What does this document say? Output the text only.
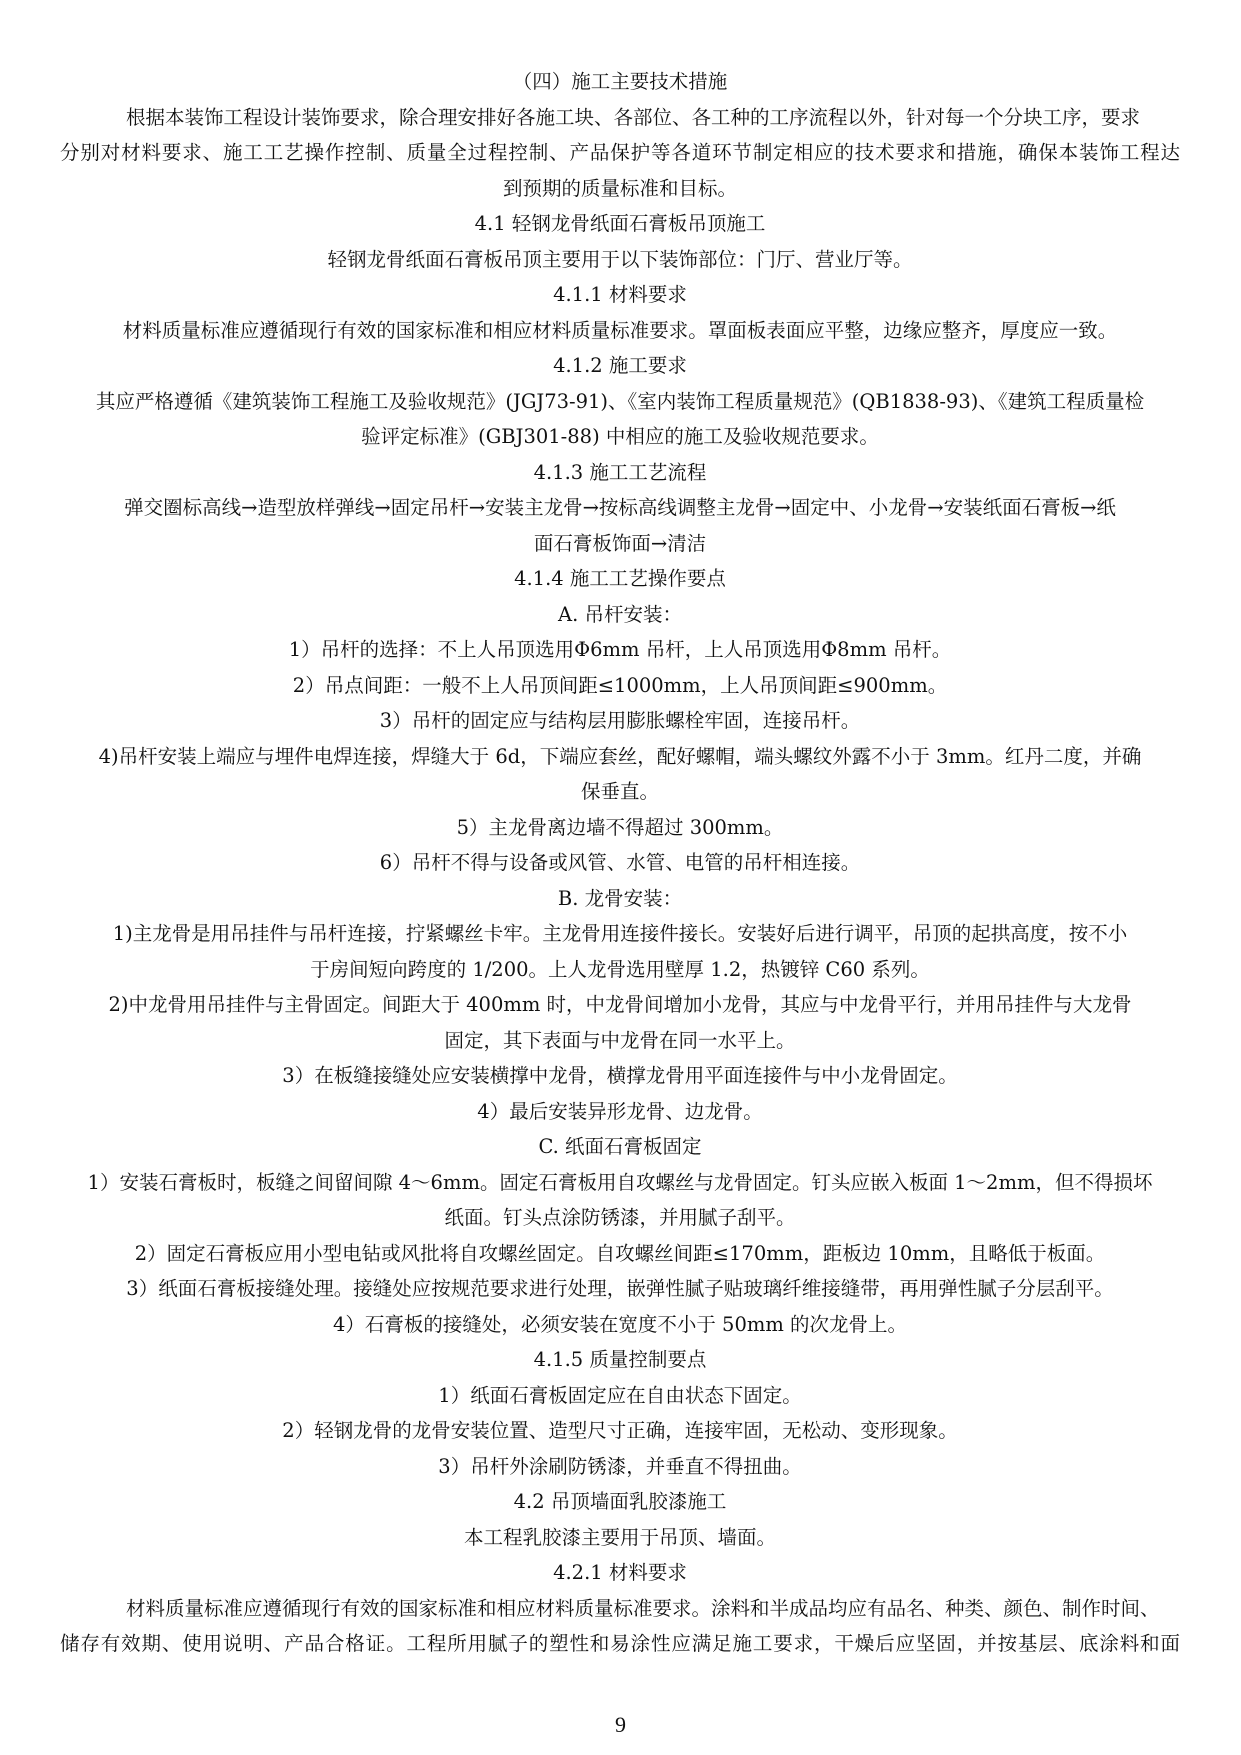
（四）施工主要技术措施

根据本装饰工程设计装饰要求，除合理安排好各施工块、各部位、各工种的工序流程以外，针对每一个分块工序，要求

分别对材料要求、施工工艺操作控制、质量全过程控制、产品保护等各道环节制定相应的技术要求和措施，确保本装饰工程达

到预期的质量标准和目标。

4.1 轻钢龙骨纸面石膏板吊顶施工

轻钢龙骨纸面石膏板吊顶主要用于以下装饰部位：门厅、营业厅等。

4.1.1 材料要求

材料质量标准应遵循现行有效的国家标准和相应材料质量标准要求。罩面板表面应平整，边缘应整齐，厚度应一致。

4.1.2 施工要求

其应严格遵循《建筑装饰工程施工及验收规范》(JGJ73-91)、《室内装饰工程质量规范》(QB1838-93)、《建筑工程质量检

验评定标准》(GBJ301-88) 中相应的施工及验收规范要求。

4.1.3 施工工艺流程

弹交圈标高线→造型放样弹线→固定吊杆→安装主龙骨→按标高线调整主龙骨→固定中、小龙骨→安装纸面石膏板→纸

面石膏板饰面→清洁

4.1.4 施工工艺操作要点

A. 吊杆安装：

1）吊杆的选择：不上人吊顶选用Φ6mm 吊杆，上人吊顶选用Φ8mm 吊杆。

2）吊点间距：一般不上人吊顶间距≤1000mm，上人吊顶间距≤900mm。

3）吊杆的固定应与结构层用膨胀螺栓牢固，连接吊杆。

4)吊杆安装上端应与埋件电焊连接，焊缝大于 6d，下端应套丝，配好螺帽，端头螺纹外露不小于 3mm。红丹二度，并确

保垂直。

5）主龙骨离边墙不得超过 300mm。

6）吊杆不得与设备或风管、水管、电管的吊杆相连接。

B. 龙骨安装：

1)主龙骨是用吊挂件与吊杆连接，拧紧螺丝卡牢。主龙骨用连接件接长。安装好后进行调平，吊顶的起拱高度，按不小

于房间短向跨度的 1/200。上人龙骨选用壁厚 1.2，热镀锌 C60 系列。

2)中龙骨用吊挂件与主骨固定。间距大于 400mm 时，中龙骨间增加小龙骨，其应与中龙骨平行，并用吊挂件与大龙骨

固定，其下表面与中龙骨在同一水平上。

3）在板缝接缝处应安装横撑中龙骨，横撑龙骨用平面连接件与中小龙骨固定。

4）最后安装异形龙骨、边龙骨。

C. 纸面石膏板固定

1）安装石膏板时，板缝之间留间隙 4～6mm。固定石膏板用自攻螺丝与龙骨固定。钉头应嵌入板面 1～2mm，但不得损坏

纸面。钉头点涂防锈漆，并用腻子刮平。

2）固定石膏板应用小型电钻或风批将自攻螺丝固定。自攻螺丝间距≤170mm，距板边 10mm，且略低于板面。

3）纸面石膏板接缝处理。接缝处应按规范要求进行处理，嵌弹性腻子贴玻璃纤维接缝带，再用弹性腻子分层刮平。

4）石膏板的接缝处，必须安装在宽度不小于 50mm 的次龙骨上。

4.1.5 质量控制要点

1）纸面石膏板固定应在自由状态下固定。

2）轻钢龙骨的龙骨安装位置、造型尺寸正确，连接牢固，无松动、变形现象。

3）吊杆外涂刷防锈漆，并垂直不得扭曲。

4.2 吊顶墙面乳胶漆施工

本工程乳胶漆主要用于吊顶、墙面。

4.2.1 材料要求

材料质量标准应遵循现行有效的国家标准和相应材料质量标准要求。涂料和半成品均应有品名、种类、颜色、制作时间、

储存有效期、使用说明、产品合格证。工程所用腻子的塑性和易涂性应满足施工要求，干燥后应坚固，并按基层、底涂料和面

9
